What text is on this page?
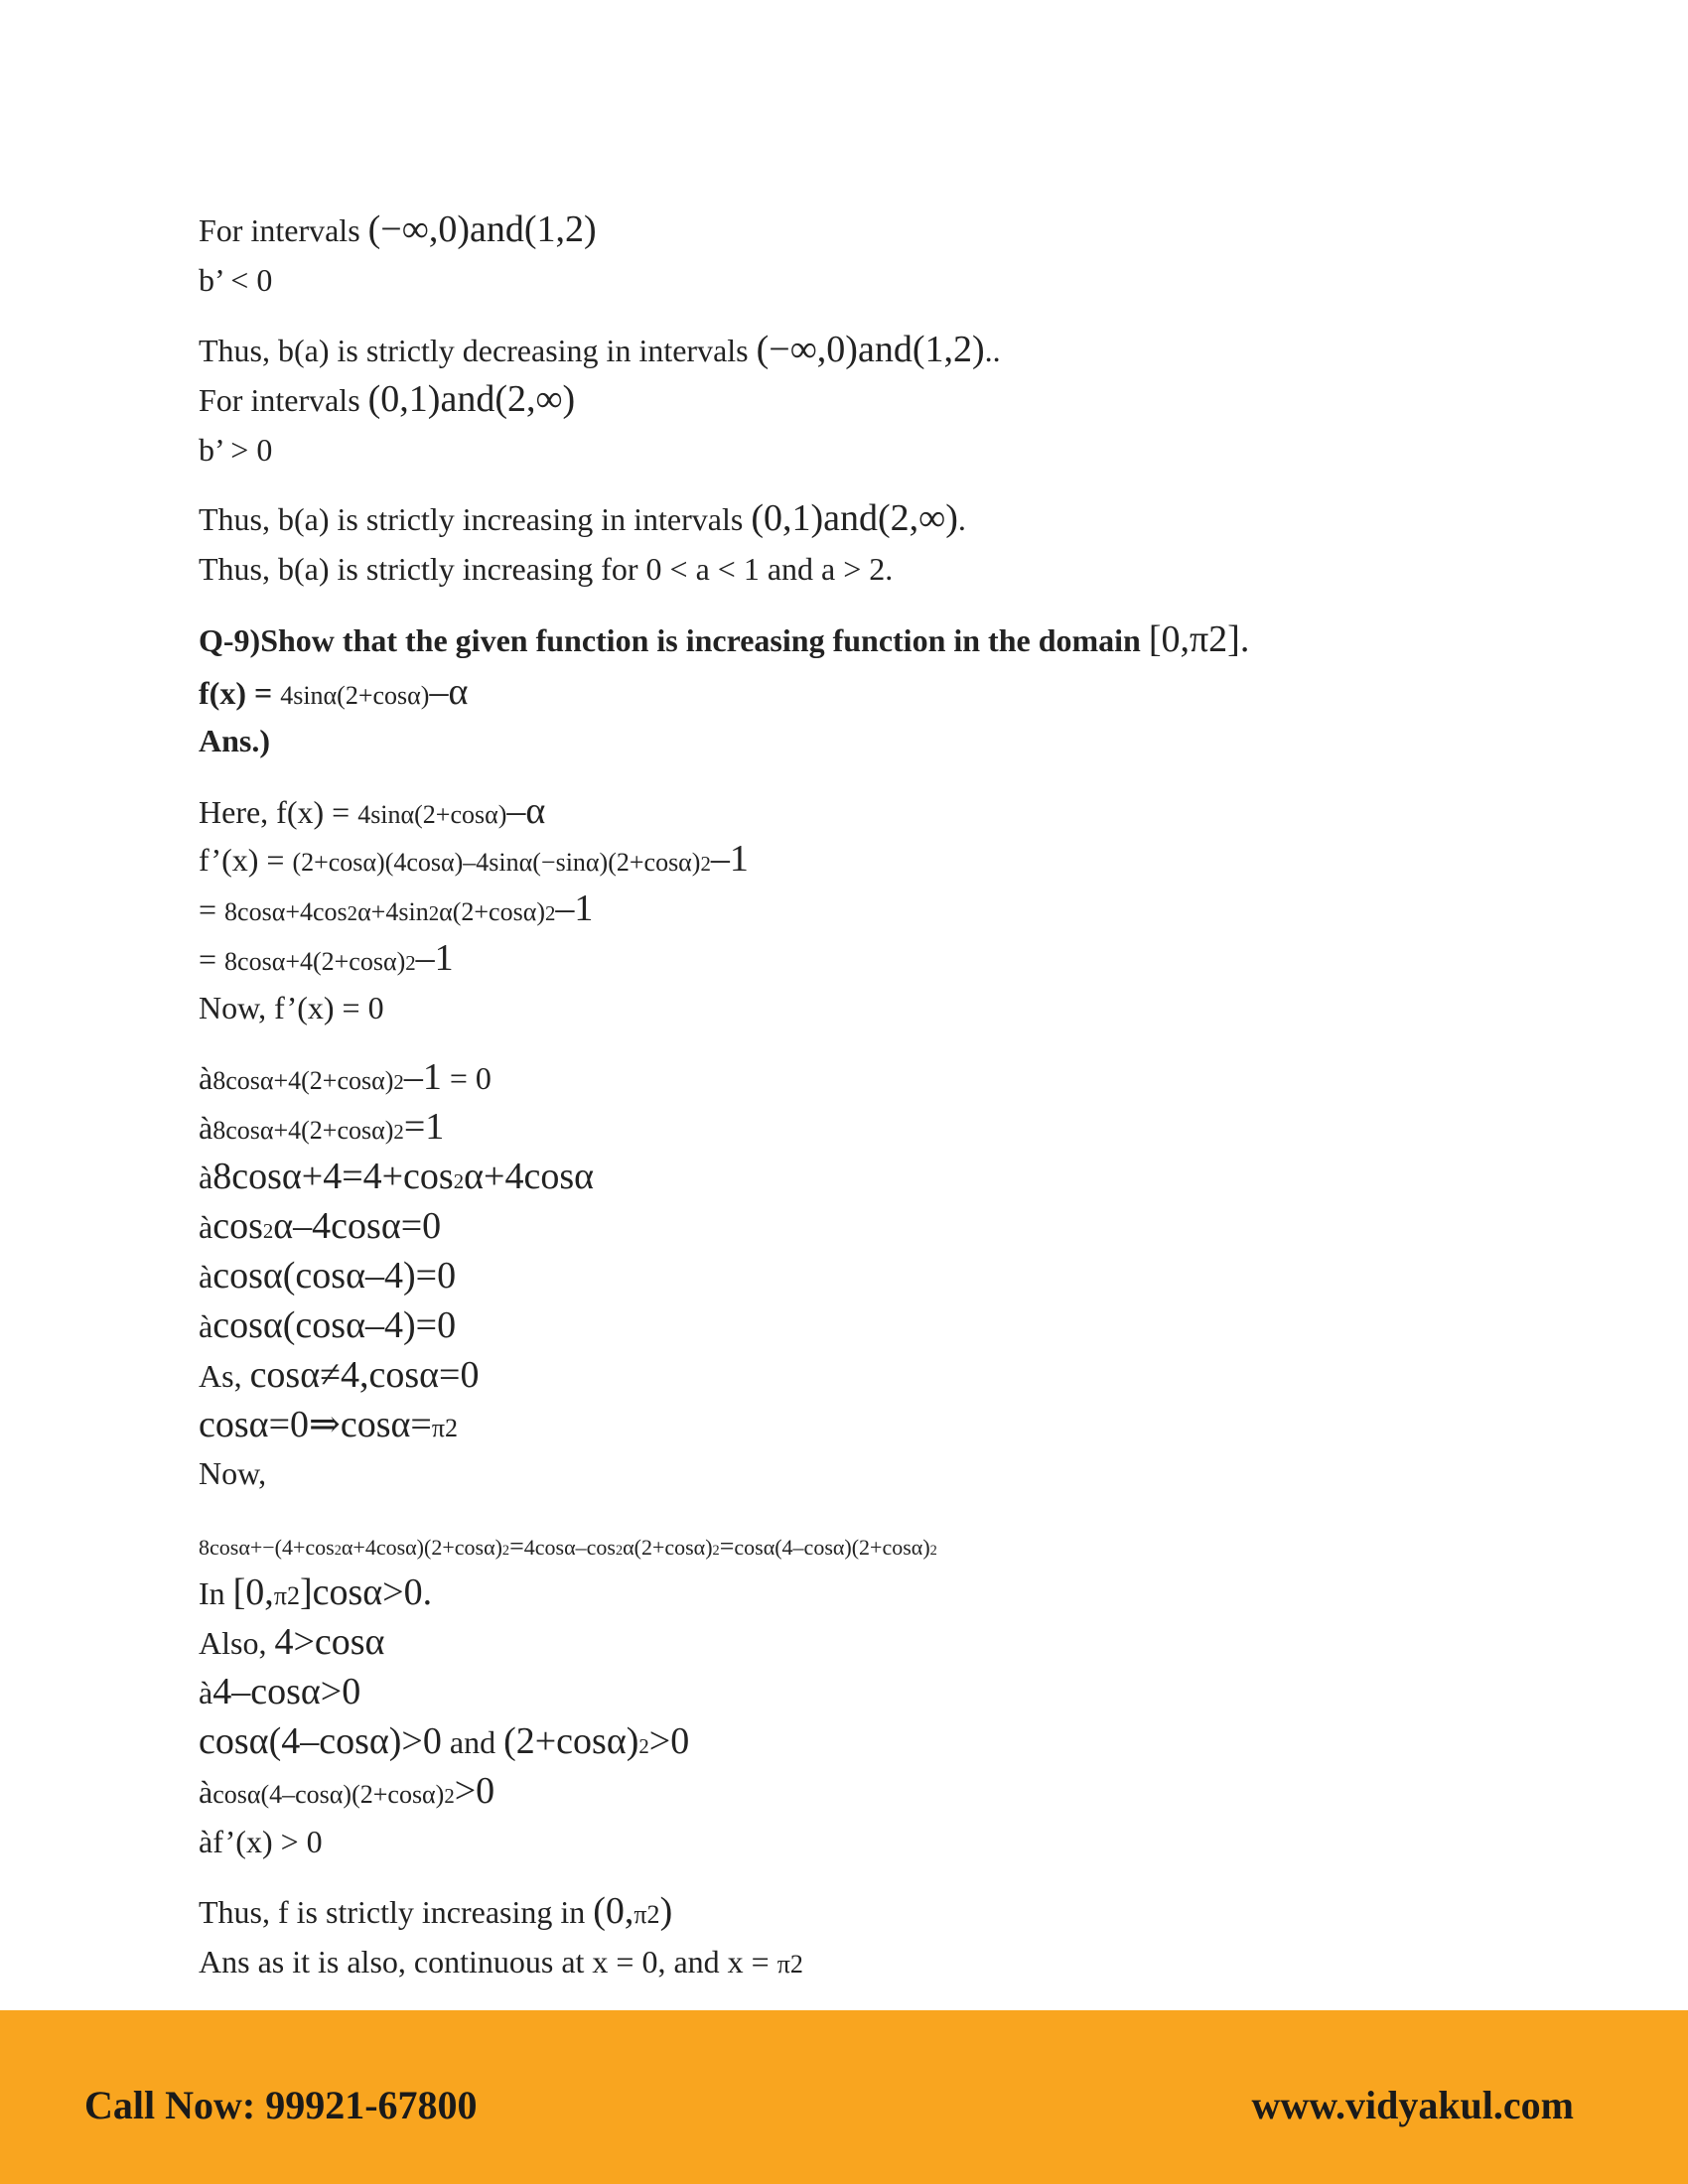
For intervals (−∞,0)and(1,2)
b’ < 0
Thus, b(a) is strictly decreasing in intervals (−∞,0)and(1,2)..
For intervals (0,1)and(2,∞)
b’ > 0
Thus, b(a) is strictly increasing in intervals (0,1)and(2,∞).
Thus, b(a) is strictly increasing for 0 < a < 1 and a > 2.
Q-9)Show that the given function is increasing function in the domain [0,π2].
f(x) = 4sinα(2+cosα)–α
Ans.)
Here, f(x) = 4sinα(2+cosα)–α
f’(x) = (2+cosα)(4cosα)–4sinα(−sinα)(2+cosα)2–1
= 8cosα+4cos2α+4sin2α(2+cosα)2–1
= 8cosα+4(2+cosα)2–1
Now, f’(x) = 0
à8cosα+4(2+cosα)2–1 = 0
à8cosα+4(2+cosα)2=1
à8cosα+4=4+cos2α+4cosα
àcos2α–4cosα=0
àcosα(cosα–4)=0
àcosα(cosα–4)=0
As, cosα≠4,cosα=0
cosα=0⇒cosα=π2
Now,
8cosα+−(4+cos2α+4cosα)(2+cosα)2=4cosα–cos2α(2+cosα)2=cosα(4–cosα)(2+cosα)2
In [0,π2]cosα>0.
Also, 4>cosα
à4–cosα>0
cosα(4–cosα)>0 and (2+cosα)2>0
àcosα(4–cosα)(2+cosα)2>0
àf’(x) > 0
Thus, f is strictly increasing in (0,π2)
Ans as it is also, continuous at x = 0, and x = π2
Call Now: 99921-67800	www.vidyakul.com
